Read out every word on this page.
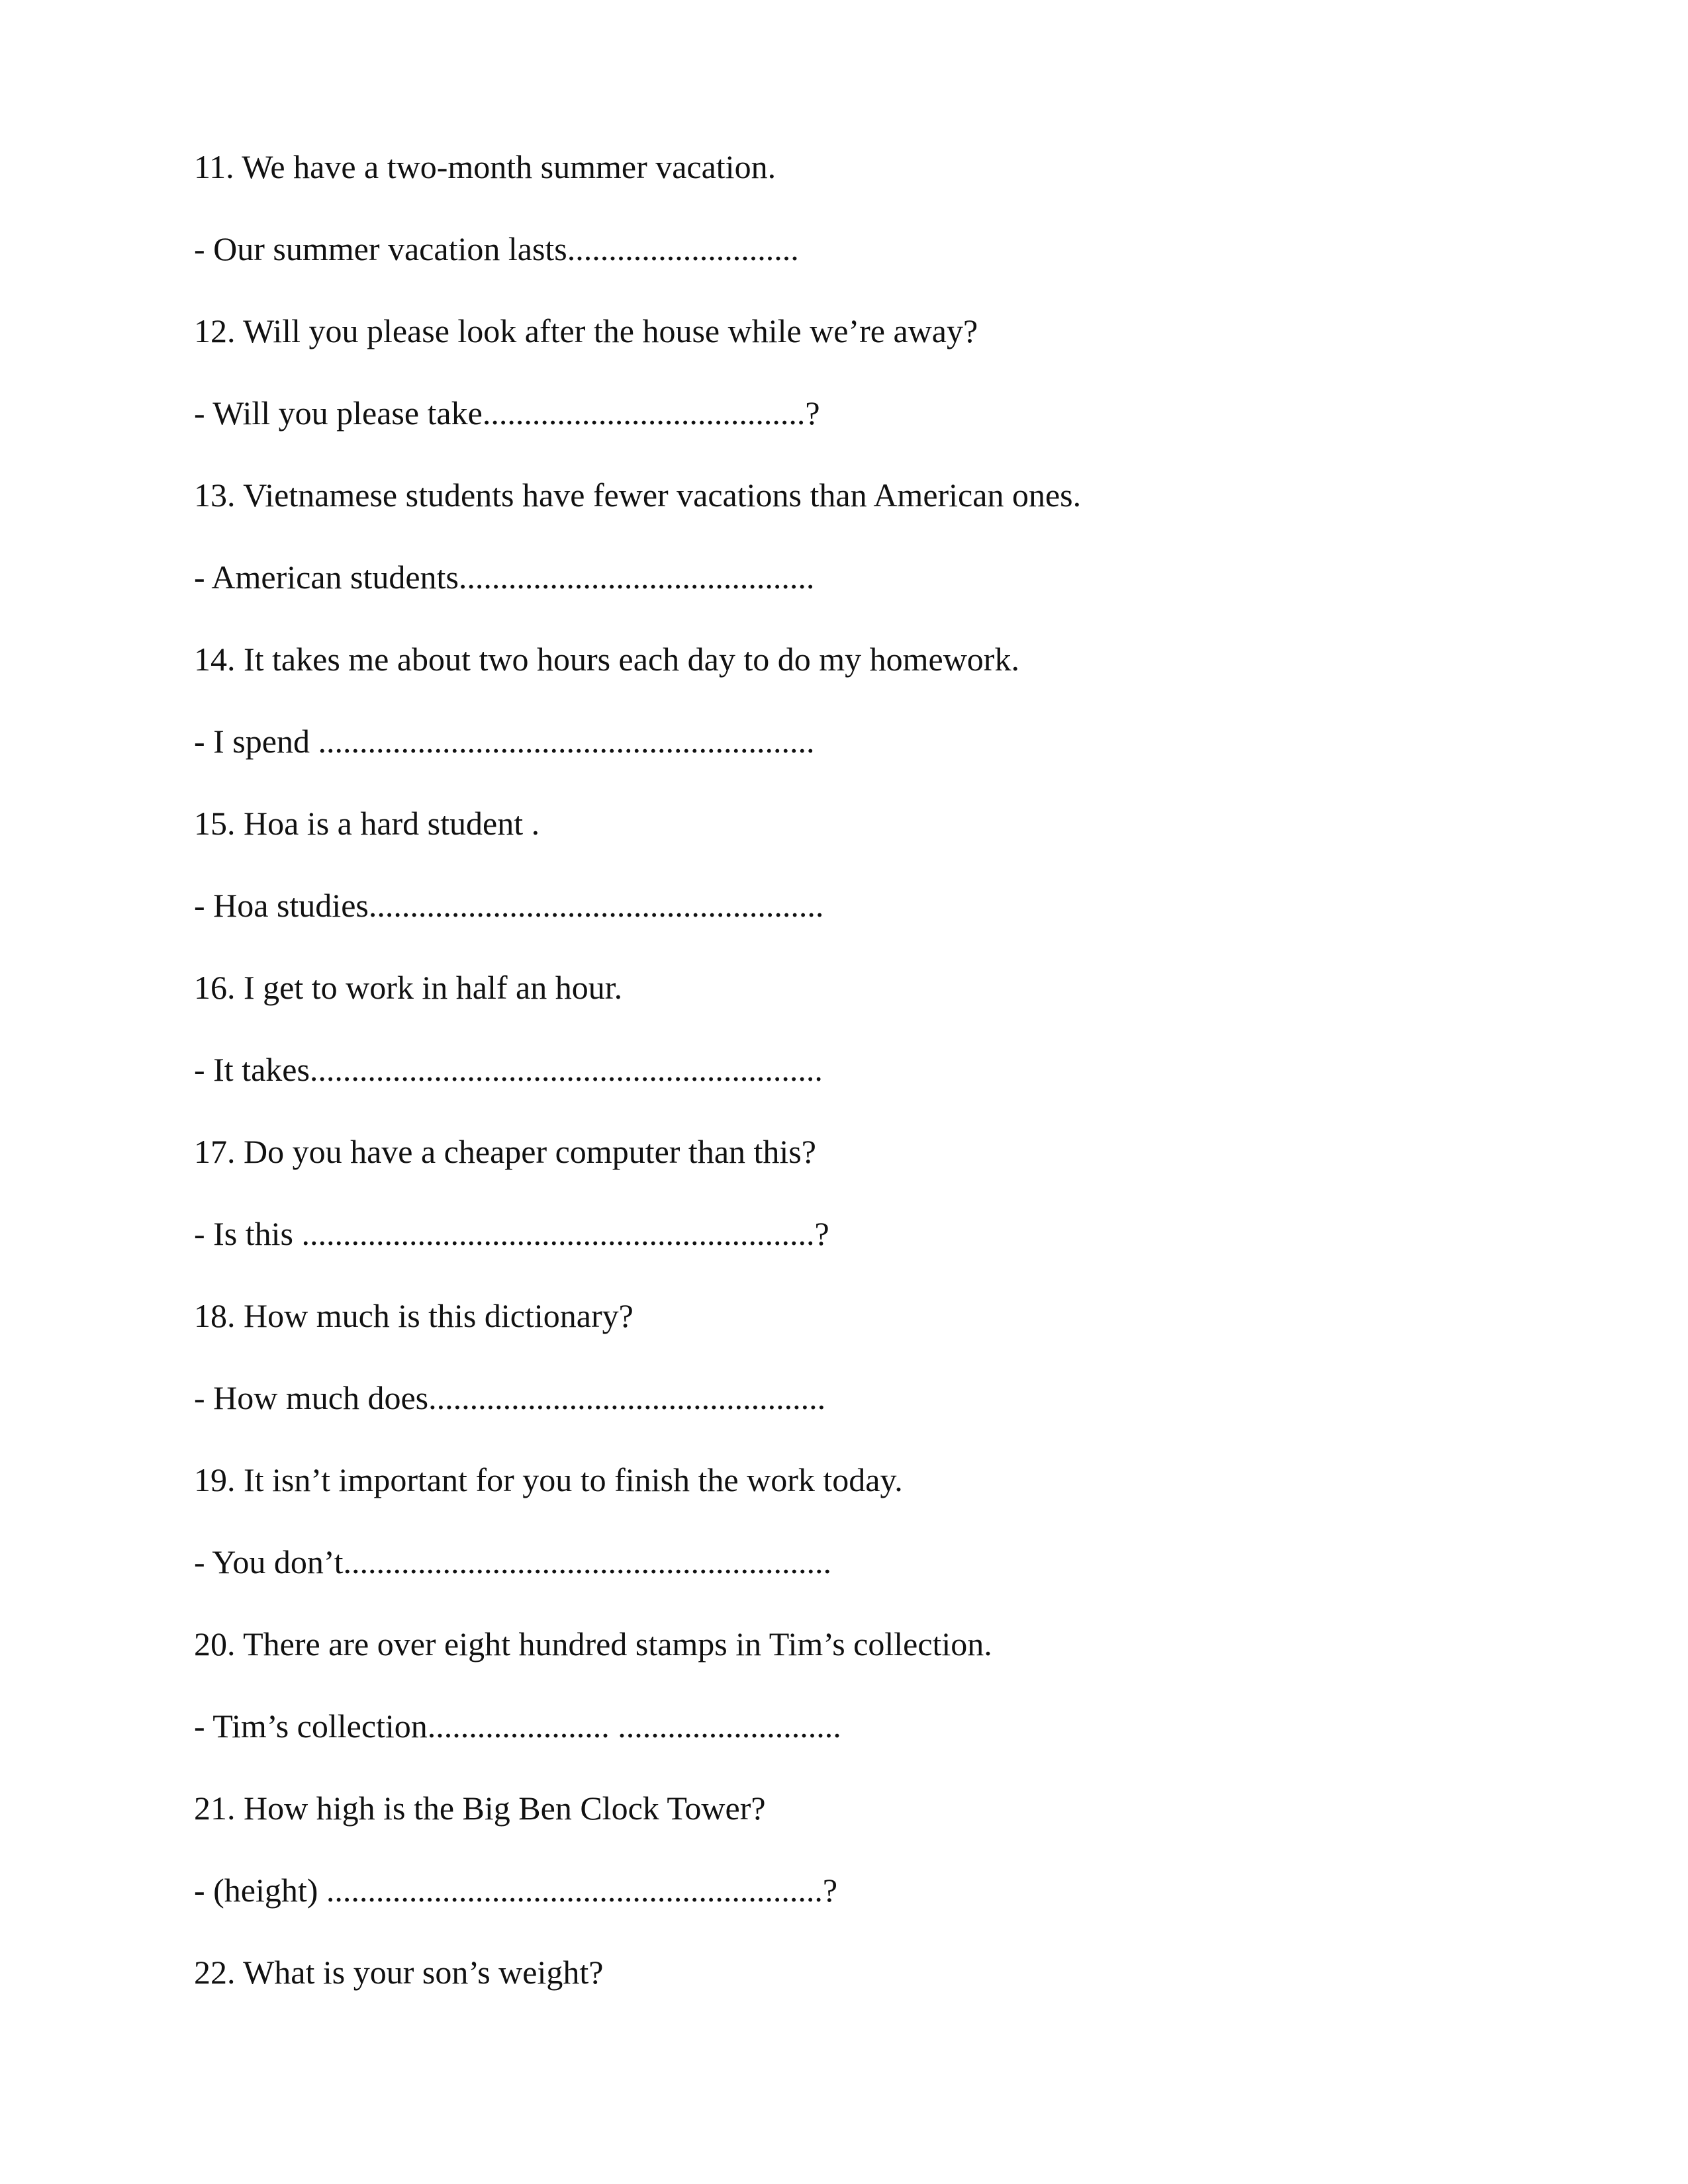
11. We have a two-month summer vacation.
- Our summer vacation lasts............................
12. Will you please look after the house while we’re away?
- Will you please take.......................................?
13. Vietnamese students have fewer vacations than American ones.
- American students...........................................
14. It takes me about two hours each day to do my homework.
- I spend ............................................................
15. Hoa is a hard student .
- Hoa studies.......................................................
16. I get to work in half an hour.
- It takes..............................................................
17. Do you have a cheaper computer than this?
- Is this ..............................................................?
18. How much is this dictionary?
- How much does................................................
19. It isn’t important for you to finish the work today.
- You don’t...........................................................
20. There are over eight hundred stamps in Tim’s collection.
- Tim’s collection...................... ...........................
21. How high is the Big Ben Clock Tower?
- (height) ............................................................?
22. What is your son’s weight?
